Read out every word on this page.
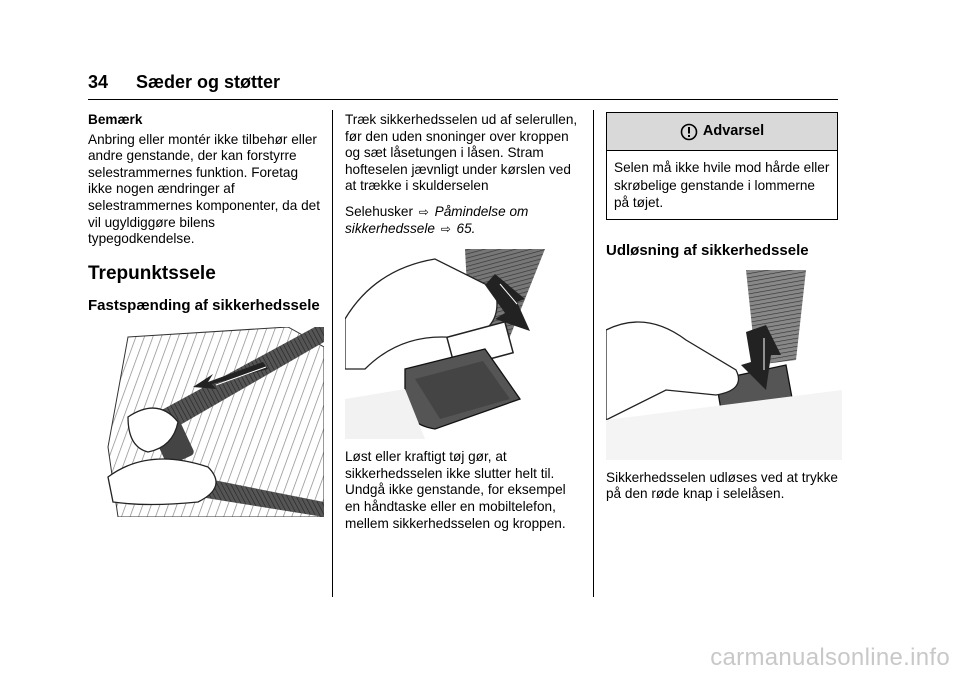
34 Sæder og støtter
Bemærk

Anbring eller montér ikke tilbehør eller andre genstande, der kan forstyrre selestrammernes funktion. Foretag ikke nogen ændringer af selestrammernes komponenter, da det vil ugyldiggøre bilens typegodkendelse.

Trepunktssele
Fastspænding af sikkerhedssele

Træk sikkerhedsselen ud af selerullen, før den uden snoninger over kroppen og sæt låsetungen i låsen. Stram hofteselen jævnligt under kørslen ved at trække i skulderselen

Selehusker ⇨ Påmindelse om sikkerhedssele ⇨ 65.

Løst eller kraftigt tøj gør, at sikkerhedsselen ikke slutter helt til. Undgå ikke genstande, for eksempel en håndtaske eller en mobiltelefon, mellem sikkerhedsselen og kroppen.

Advarsel
Selen må ikke hvile mod hårde eller skrøbelige genstande i lommerne på tøjet.
Udløsning af sikkerhedssele

Sikkerhedsselen udløses ved at trykke på den røde knap i selelåsen.

carmanualsonline.info
